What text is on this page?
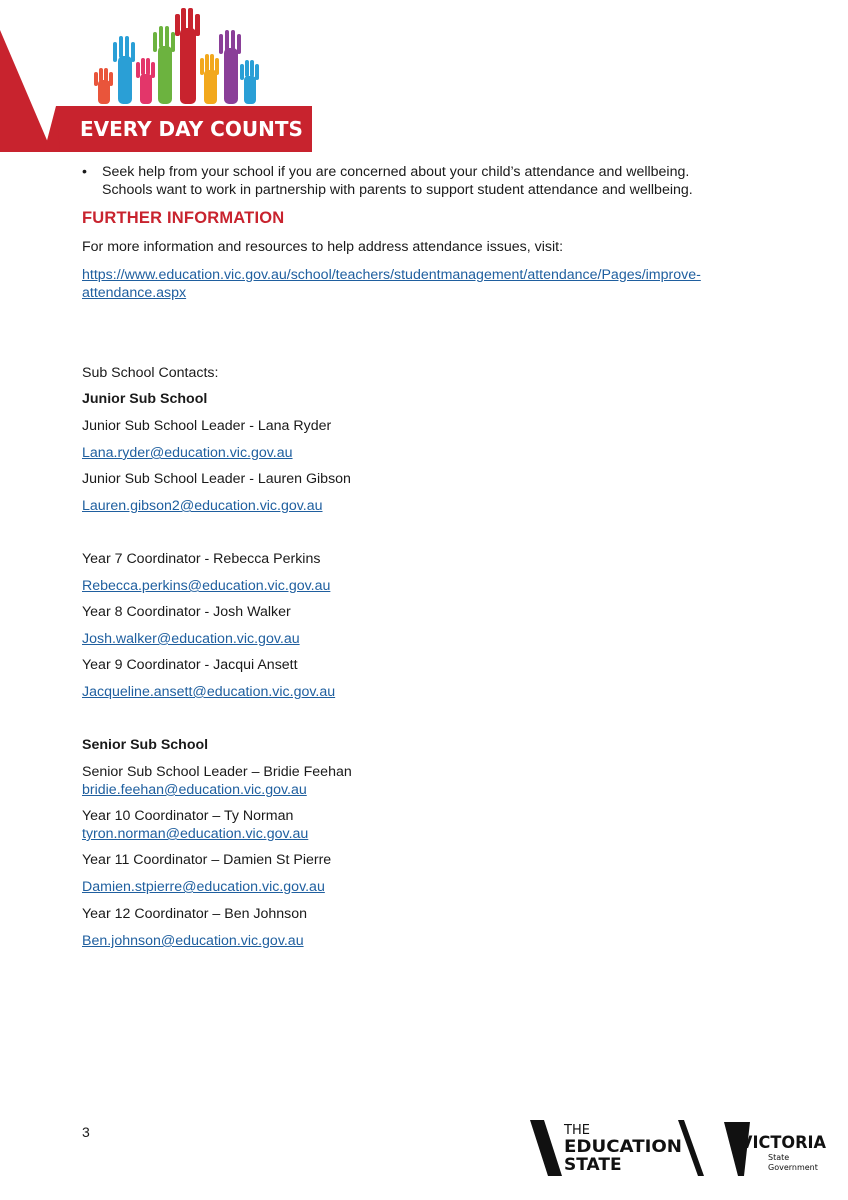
EVERY DAY COUNTS
• Seek help from your school if you are concerned about your child’s attendance and wellbeing.
Schools want to work in partnership with parents to support student attendance and wellbeing.
FURTHER INFORMATION
For more information and resources to help address attendance issues, visit:
https://www.education.vic.gov.au/school/teachers/studentmanagement/attendance/Pages/improve-
attendance.aspx
Sub School Contacts:
Junior Sub School
Junior Sub School Leader - Lana Ryder
Lana.ryder@education.vic.gov.au
Junior Sub School Leader - Lauren Gibson
Lauren.gibson2@education.vic.gov.au
Year 7 Coordinator - Rebecca Perkins
Rebecca.perkins@education.vic.gov.au
Year 8 Coordinator - Josh Walker
Josh.walker@education.vic.gov.au
Year 9 Coordinator - Jacqui Ansett
Jacqueline.ansett@education.vic.gov.au
Senior Sub School
Senior Sub School Leader – Bridie Feehan
bridie.feehan@education.vic.gov.au
Year 10 Coordinator – Ty Norman
tyron.norman@education.vic.gov.au
Year 11 Coordinator – Damien St Pierre
Damien.stpierre@education.vic.gov.au
Year 12 Coordinator – Ben Johnson
Ben.johnson@education.vic.gov.au
3	THE
EDUCATION
STATE
VICTORIA
State
Government
